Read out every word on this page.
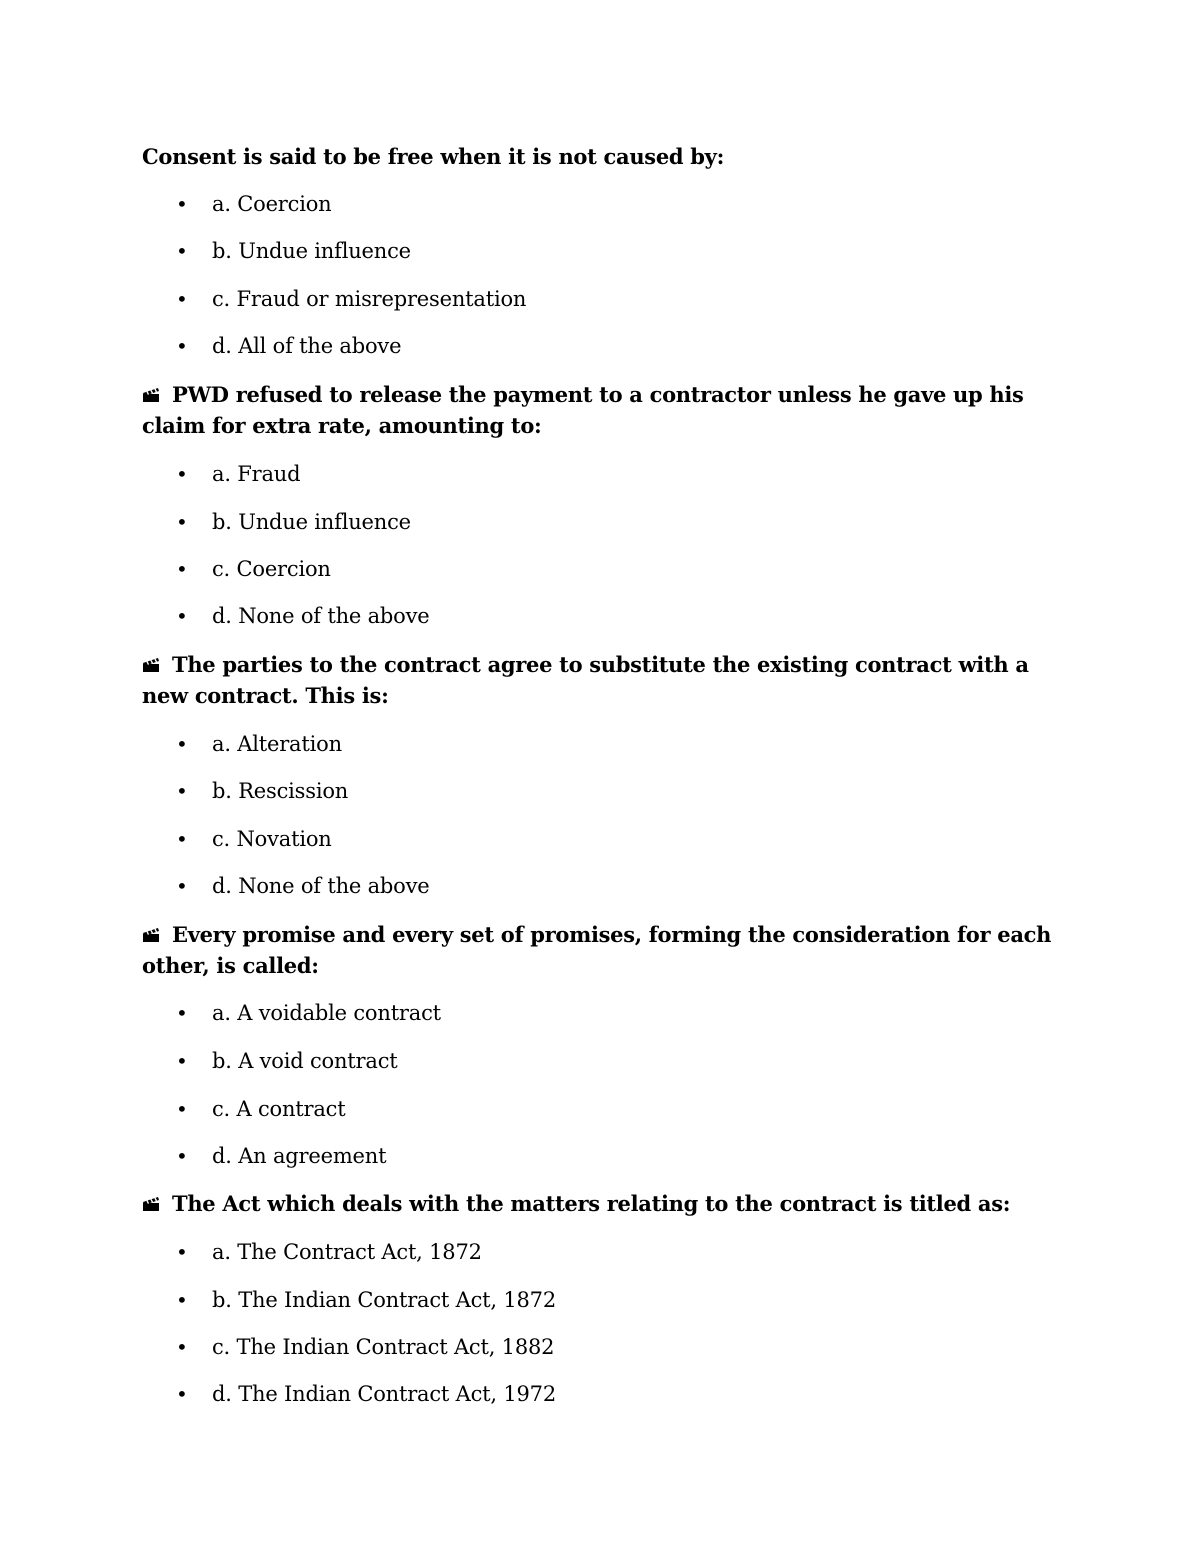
Consent is said to be free when it is not caused by:
• a. Coercion
• b. Undue influence
• c. Fraud or misrepresentation
• d. All of the above
PWD refused to release the payment to a contractor unless he gave up his claim for extra rate, amounting to:
• a. Fraud
• b. Undue influence
• c. Coercion
• d. None of the above
The parties to the contract agree to substitute the existing contract with a new contract. This is:
• a. Alteration
• b. Rescission
• c. Novation
• d. None of the above
Every promise and every set of promises, forming the consideration for each other, is called:
• a. A voidable contract
• b. A void contract
• c. A contract
• d. An agreement
The Act which deals with the matters relating to the contract is titled as:
• a. The Contract Act, 1872
• b. The Indian Contract Act, 1872
• c. The Indian Contract Act, 1882
• d. The Indian Contract Act, 1972
